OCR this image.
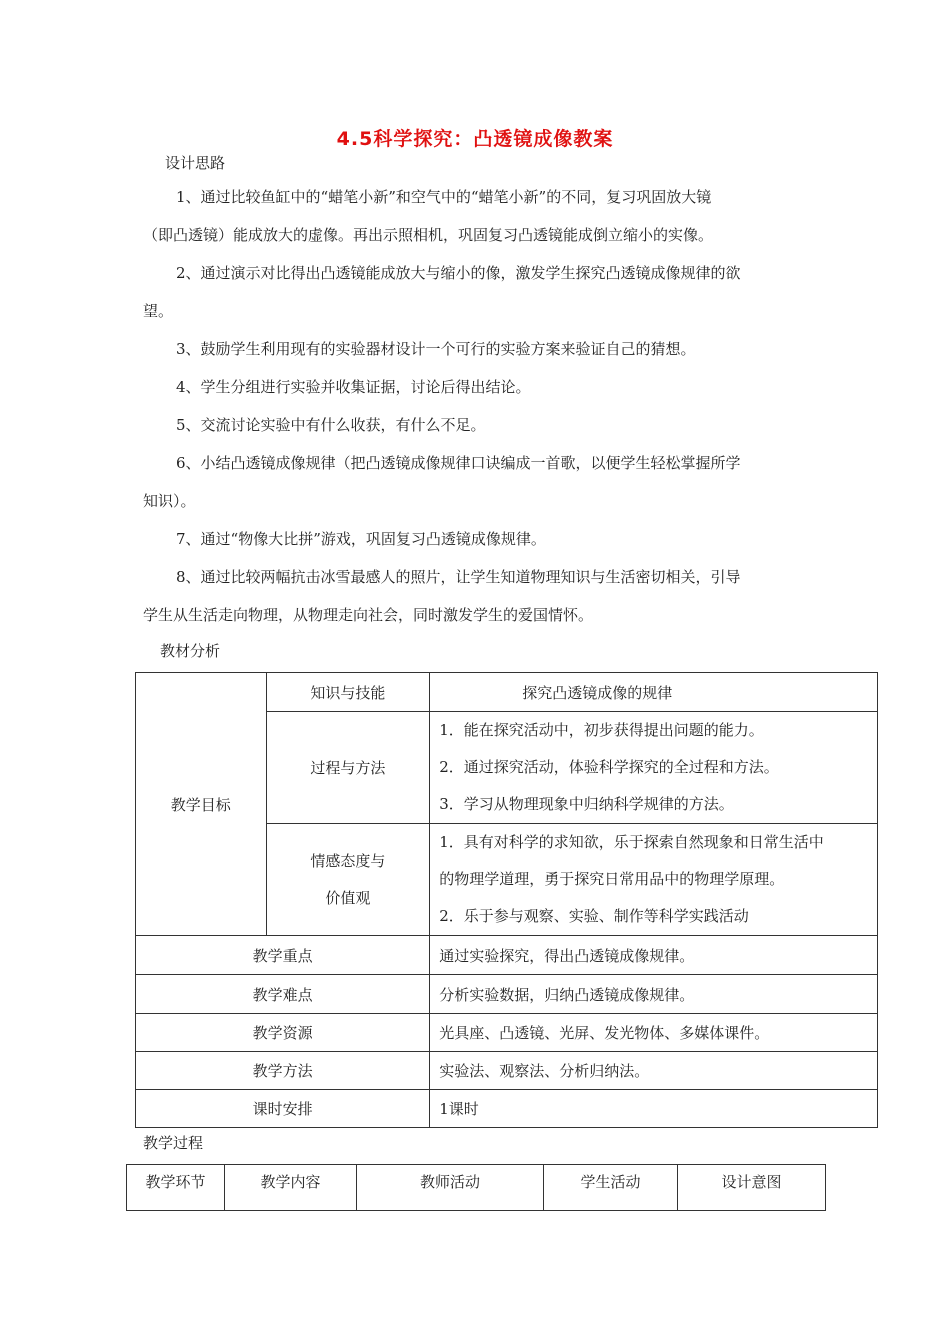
4.5科学探究：凸透镜成像教案
设计思路
1、通过比较鱼缸中的“蜡笔小新”和空气中的“蜡笔小新”的不同，复习巩固放大镜
（即凸透镜）能成放大的虚像。再出示照相机，巩固复习凸透镜能成倒立缩小的实像。
2、通过演示对比得出凸透镜能成放大与缩小的像，激发学生探究凸透镜成像规律的欲
望。
3、鼓励学生利用现有的实验器材设计一个可行的实验方案来验证自己的猜想。
4、学生分组进行实验并收集证据，讨论后得出结论。
5、交流讨论实验中有什么收获，有什么不足。
6、小结凸透镜成像规律（把凸透镜成像规律口诀编成一首歌，以便学生轻松掌握所学
知识）。
7、通过“物像大比拼”游戏，巩固复习凸透镜成像规律。
8、通过比较两幅抗击冰雪最感人的照片，让学生知道物理知识与生活密切相关，引导
学生从生活走向物理，从物理走向社会，同时激发学生的爱国情怀。
教材分析
教学目标	知识与技能	探究凸透镜成像的规律
	过程与方法	1．能在探究活动中，初步获得提出问题的能力。
2．通过探究活动，体验科学探究的全过程和方法。
3．学习从物理现象中归纳科学规律的方法。

	情感态度与
价值观	1．具有对科学的求知欲，乐于探索自然现象和日常生活中
的物理学道理，勇于探究日常用品中的物理学原理。
2．乐于参与观察、实验、制作等科学实践活动

教学重点		通过实验探究，得出凸透镜成像规律。
教学难点		分析实验数据，归纳凸透镜成像规律。
教学资源		光具座、凸透镜、光屏、发光物体、多媒体课件。
教学方法		实验法、观察法、分析归纳法。
课时安排		1课时
教学过程
教学环节	教学内容	教师活动	学生活动	设计意图
